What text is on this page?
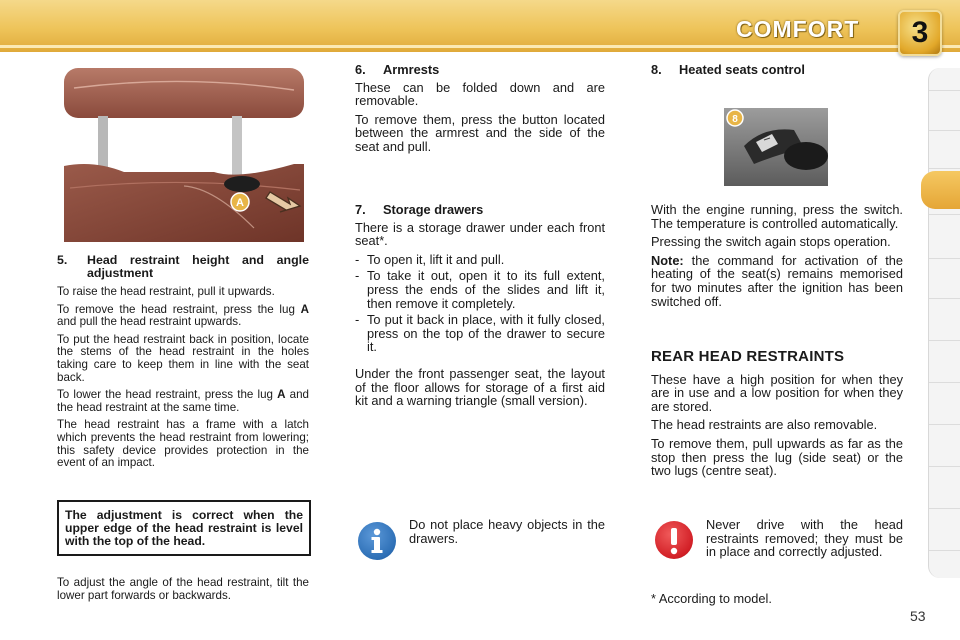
COMFORT	3
A
5.	Head restraint height and angle adjustment

To raise the head restraint, pull it upwards.

To remove the head restraint, press the lug A and pull the head restraint upwards.

To put the head restraint back in position, locate the stems of the head restraint in the holes taking care to keep them in line with the seat back.

To lower the head restraint, press the lug A and the head restraint at the same time.

The head restraint has a frame with a latch which prevents the head restraint from lowering; this safety device provides protection in the event of an impact.

The adjustment is correct when the upper edge of the head restraint is level with the top of the head.
To adjust the angle of the head restraint, tilt the lower part forwards or backwards.

6. Armrests

These can be folded down and are removable.

To remove them, press the button located between the armrest and the side of the seat and pull.

7. Storage drawers

There is a storage drawer under each front seat*.

- To open it, lift it and pull.
- To take it out, open it to its full extent, press the ends of the slides and lift it, then remove it completely.
- To put it back in place, with it fully closed, press on the top of the drawer to secure it.

Under the front passenger seat, the layout of the floor allows for storage of a first aid kit and a warning triangle (small version).

Do not place heavy objects in the drawers.

8. Heated seats control

8

With the engine running, press the switch. The temperature is controlled automatically.

Pressing the switch again stops operation.

Note: the command for activation of the heating of the seat(s) remains memorised for two minutes after the ignition has been switched off.

REAR HEAD RESTRAINTS

These have a high position for when they are in use and a low position for when they are stored.

The head restraints are also removable.

To remove them, pull upwards as far as the stop then press the lug (side seat) or the two lugs (centre seat).

Never drive with the head restraints removed; they must be in place and correctly adjusted.
* According to model.
53
